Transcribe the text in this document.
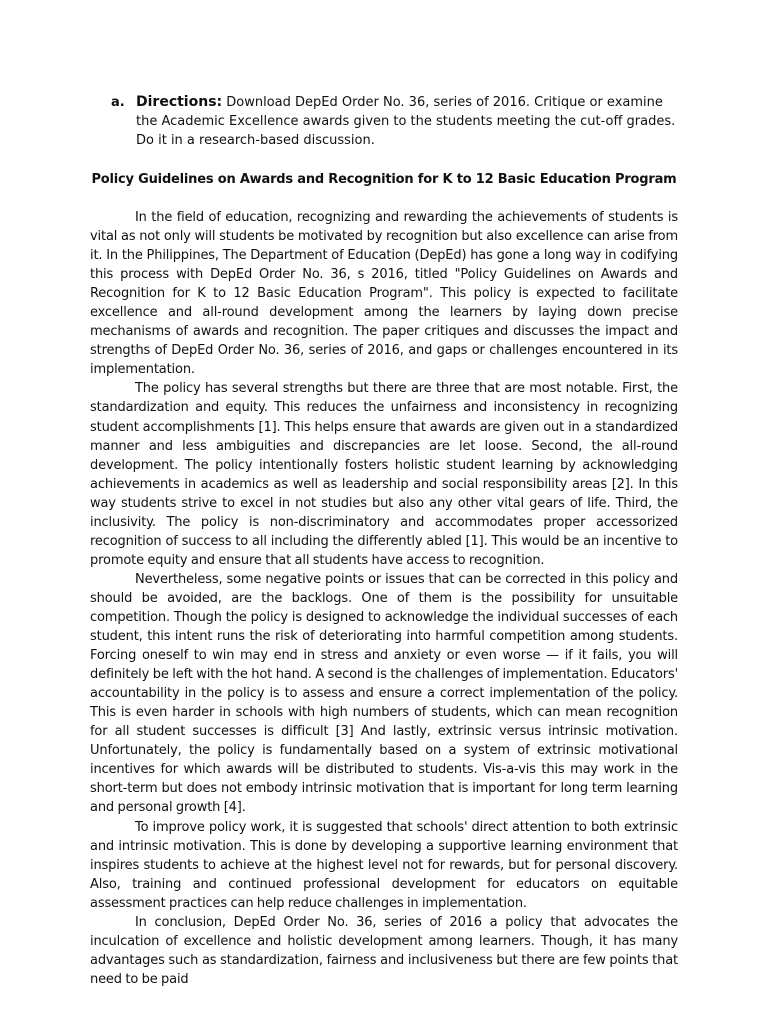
a. Directions: Download DepEd Order No. 36, series of 2016. Critique or examine the Academic Excellence awards given to the students meeting the cut-off grades. Do it in a research-based discussion.
Policy Guidelines on Awards and Recognition for K to 12 Basic Education Program

In the field of education, recognizing and rewarding the achievements of students is vital as not only will students be motivated by recognition but also excellence can arise from it. In the Philippines, The Department of Education (DepEd) has gone a long way in codifying this process with DepEd Order No. 36, s 2016, titled "Policy Guidelines on Awards and Recognition for K to 12 Basic Education Program". This policy is expected to facilitate excellence and all-round development among the learners by laying down precise mechanisms of awards and recognition. The paper critiques and discusses the impact and strengths of DepEd Order No. 36, series of 2016, and gaps or challenges encountered in its implementation.

The policy has several strengths but there are three that are most notable. First, the standardization and equity. This reduces the unfairness and inconsistency in recognizing student accomplishments [1]. This helps ensure that awards are given out in a standardized manner and less ambiguities and discrepancies are let loose. Second, the all-round development. The policy intentionally fosters holistic student learning by acknowledging achievements in academics as well as leadership and social responsibility areas [2]. In this way students strive to excel in not studies but also any other vital gears of life. Third, the inclusivity. The policy is non-discriminatory and accommodates proper accessorized recognition of success to all including the differently abled [1]. This would be an incentive to promote equity and ensure that all students have access to recognition.

Nevertheless, some negative points or issues that can be corrected in this policy and should be avoided, are the backlogs. One of them is the possibility for unsuitable competition. Though the policy is designed to acknowledge the individual successes of each student, this intent runs the risk of deteriorating into harmful competition among students. Forcing oneself to win may end in stress and anxiety or even worse — if it fails, you will definitely be left with the hot hand. A second is the challenges of implementation. Educators' accountability in the policy is to assess and ensure a correct implementation of the policy. This is even harder in schools with high numbers of students, which can mean recognition for all student successes is difficult [3] And lastly, extrinsic versus intrinsic motivation. Unfortunately, the policy is fundamentally based on a system of extrinsic motivational incentives for which awards will be distributed to students. Vis-a-vis this may work in the short-term but does not embody intrinsic motivation that is important for long term learning and personal growth [4].

To improve policy work, it is suggested that schools' direct attention to both extrinsic and intrinsic motivation. This is done by developing a supportive learning environment that inspires students to achieve at the highest level not for rewards, but for personal discovery. Also, training and continued professional development for educators on equitable assessment practices can help reduce challenges in implementation.

In conclusion, DepEd Order No. 36, series of 2016 a policy that advocates the inculcation of excellence and holistic development among learners. Though, it has many advantages such as standardization, fairness and inclusiveness but there are few points that need to be paid
